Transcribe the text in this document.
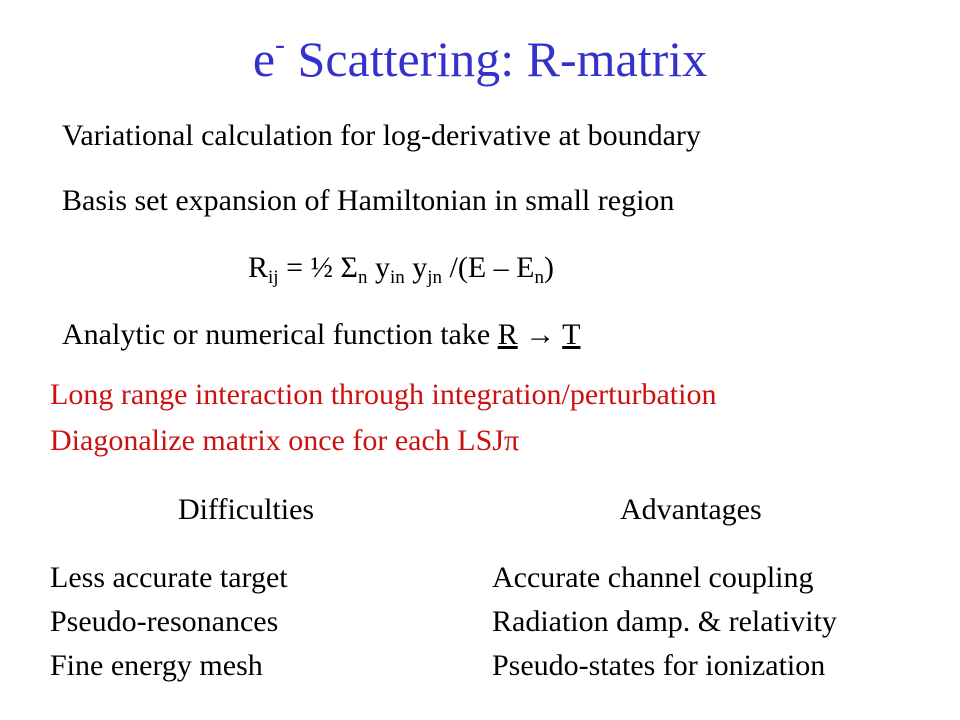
e- Scattering: R-matrix
Variational calculation for log-derivative at boundary
Basis set expansion of Hamiltonian in small region
$R_{ij}$ = ½ $\Sigma_n$ $y_{in}$ $y_{jn}$ $/(E - E_n)$
Analytic or numerical function take R → T
Long range interaction through integration/perturbation
Diagonalize matrix once for each LSJπ
Difficulties	Advantages
Less accurate target
Pseudo-resonances
Fine energy mesh
Accurate channel coupling
Radiation damp. & relativity
Pseudo-states for ionization
